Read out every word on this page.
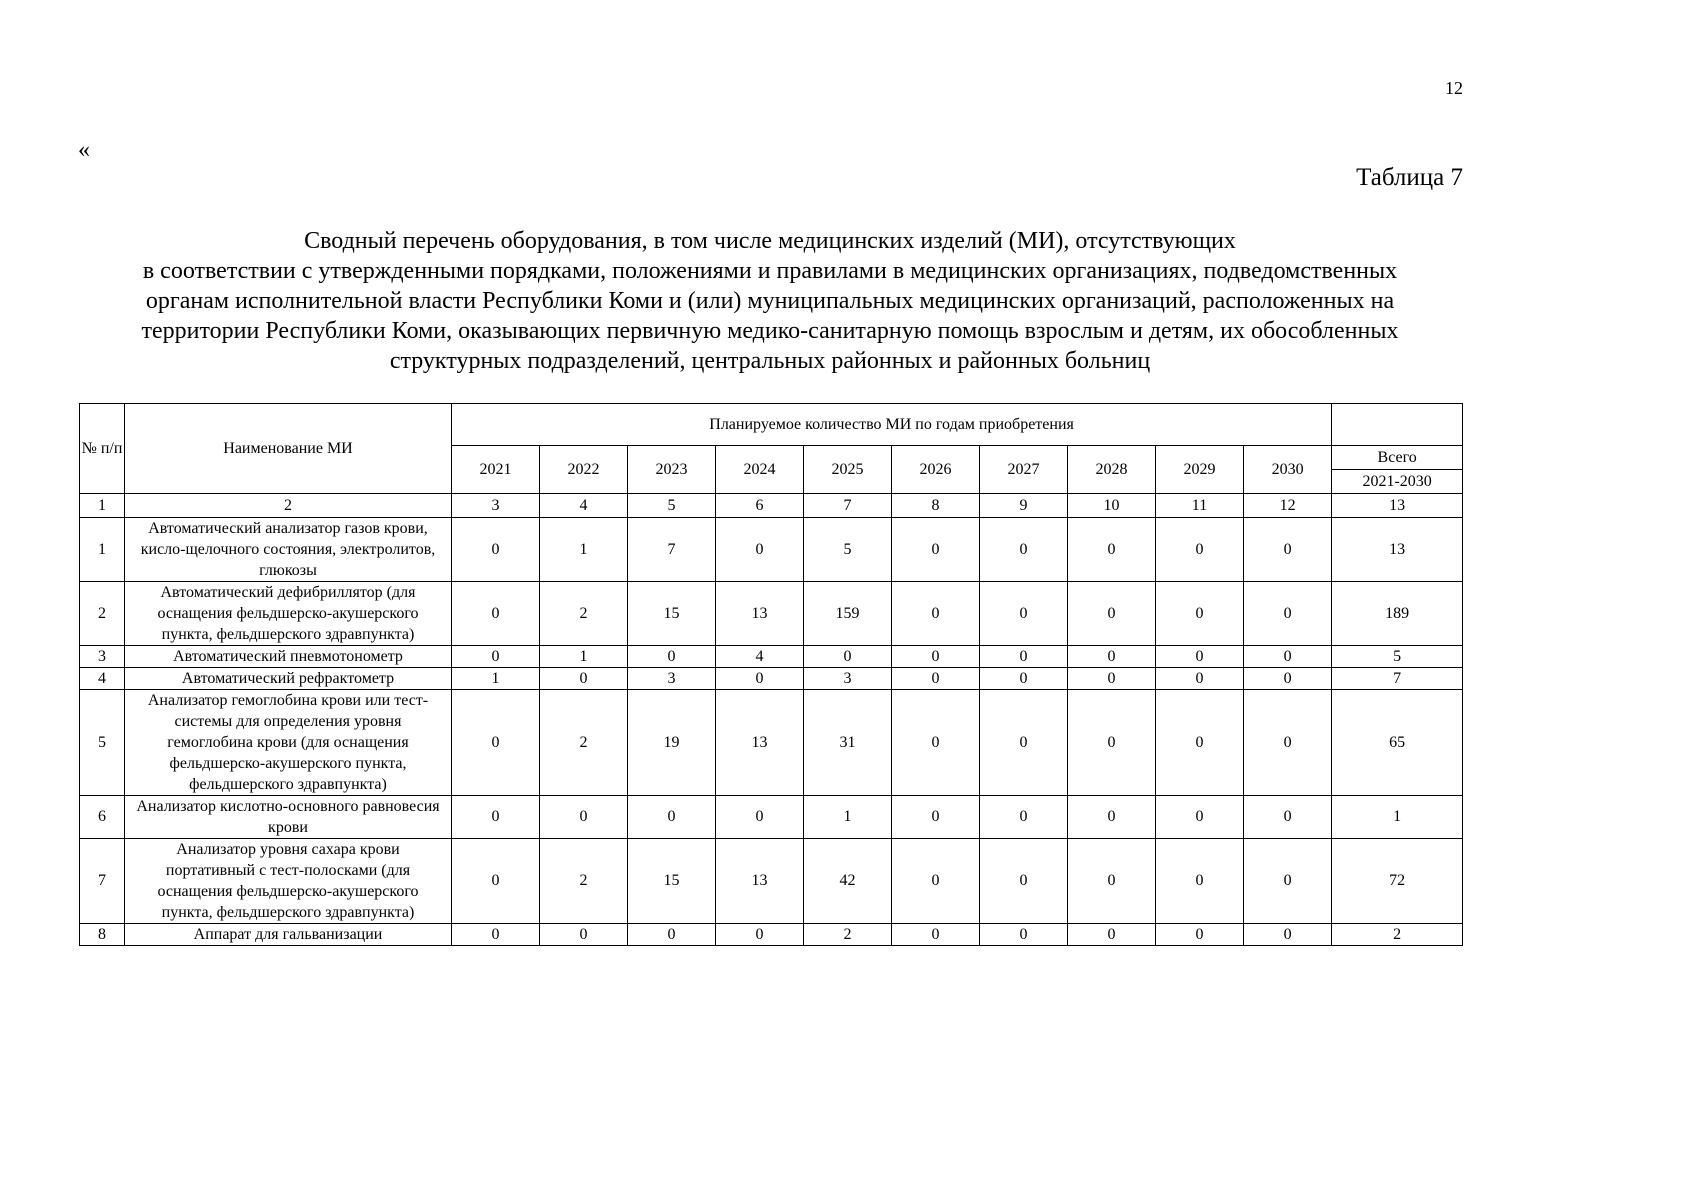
12
«
Таблица 7
Сводный перечень оборудования, в том числе медицинских изделий (МИ), отсутствующих
в соответствии с утвержденными порядками, положениями и правилами в медицинских организациях, подведомственных
органам исполнительной власти Республики Коми и (или) муниципальных медицинских организаций, расположенных на
территории Республики Коми, оказывающих первичную медико-санитарную помощь взрослым и детям, их обособленных
структурных подразделений, центральных районных и районных больниц
№ п/п	Наименование МИ	Планируемое количество МИ по годам приобретения										
		2021	2022	2023	2024	2025	2026	2027	2028	2029	2030	Всего
2021-2030

1	2	3	4	5	6	7	8	9	10	11	12	13
1	Автоматический анализатор газов крови, кисло-щелочного состояния, электролитов, глюкозы	0	1	7	0	5	0	0	0	0	0	13
2	Автоматический дефибриллятор (для оснащения фельдшерско-акушерского пункта, фельдшерского здравпункта)	0	2	15	13	159	0	0	0	0	0	189
3	Автоматический пневмотонометр	0	1	0	4	0	0	0	0	0	0	5
4	Автоматический рефрактометр	1	0	3	0	3	0	0	0	0	0	7
5	Анализатор гемоглобина крови или тест-системы для определения уровня гемоглобина крови (для оснащения фельдшерско-акушерского пункта, фельдшерского здравпункта)	0	2	19	13	31	0	0	0	0	0	65
6	Анализатор кислотно-основного равновесия крови	0	0	0	0	1	0	0	0	0	0	1
7	Анализатор уровня сахара крови портативный с тест-полосками (для оснащения фельдшерско-акушерского пункта, фельдшерского здравпункта)	0	2	15	13	42	0	0	0	0	0	72
8	Аппарат для гальванизации	0	0	0	0	2	0	0	0	0	0	2
